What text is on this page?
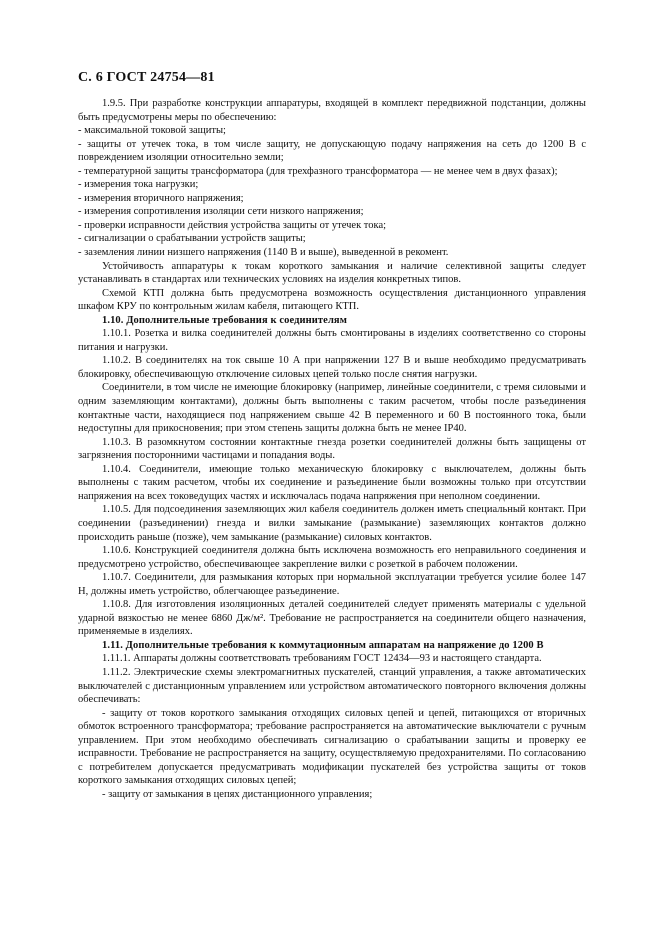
С. 6 ГОСТ 24754—81

1.9.5. При разработке конструкции аппаратуры, входящей в комплект передвижной подстанции, должны быть предусмотрены меры по обеспечению:

- максимальной токовой защиты;

- защиты от утечек тока, в том числе защиту, не допускающую подачу напряжения на сеть до 1200 В с повреждением изоляции относительно земли;

- температурной защиты трансформатора (для трехфазного трансформатора — не менее чем в двух фазах);

- измерения тока нагрузки;

- измерения вторичного напряжения;

- измерения сопротивления изоляции сети низкого напряжения;

- проверки исправности действия устройства защиты от утечек тока;

- сигнализации о срабатывании устройств защиты;

- заземления линии низшего напряжения (1140 В и выше), выведенной в рекомент.

Устойчивость аппаратуры к токам короткого замыкания и наличие селективной защиты следует устанавливать в стандартах или технических условиях на изделия конкретных типов.

Схемой КТП должна быть предусмотрена возможность осуществления дистанционного управления шкафом КРУ по контрольным жилам кабеля, питающего КТП.

1.10. Дополнительные требования к соединителям

1.10.1. Розетка и вилка соединителей должны быть смонтированы в изделиях соответственно со стороны питания и нагрузки.

1.10.2. В соединителях на ток свыше 10 А при напряжении 127 В и выше необходимо предусматривать блокировку, обеспечивающую отключение силовых цепей только после снятия нагрузки.

Соединители, в том числе не имеющие блокировку (например, линейные соединители, с тремя силовыми и одним заземляющим контактами), должны быть выполнены с таким расчетом, чтобы после разъединения контактные части, находящиеся под напряжением свыше 42 В переменного и 60 В постоянного тока, были недоступны для прикосновения; при этом степень защиты должна быть не менее IP40.

1.10.3. В разомкнутом состоянии контактные гнезда розетки соединителей должны быть защищены от загрязнения посторонними частицами и попадания воды.

1.10.4. Соединители, имеющие только механическую блокировку с выключателем, должны быть выполнены с таким расчетом, чтобы их соединение и разъединение были возможны только при отсутствии напряжения на всех токоведущих частях и исключалась подача напряжения при неполном соединении.

1.10.5. Для подсоединения заземляющих жил кабеля соединитель должен иметь специальный контакт. При соединении (разъединении) гнезда и вилки замыкание (размыкание) заземляющих контактов должно происходить раньше (позже), чем замыкание (размыкание) силовых контактов.

1.10.6. Конструкцией соединителя должна быть исключена возможность его неправильного соединения и предусмотрено устройство, обеспечивающее закрепление вилки с розеткой в рабочем положении.

1.10.7. Соединители, для размыкания которых при нормальной эксплуатации требуется усилие более 147 Н, должны иметь устройство, облегчающее разъединение.

1.10.8. Для изготовления изоляционных деталей соединителей следует применять материалы с удельной ударной вязкостью не менее 6860 Дж/м². Требование не распространяется на соединители общего назначения, применяемые в изделиях.

1.11. Дополнительные требования к коммутационным аппаратам на напряжение до 1200 В

1.11.1. Аппараты должны соответствовать требованиям ГОСТ 12434—93 и настоящего стандарта.

1.11.2. Электрические схемы электромагнитных пускателей, станций управления, а также автоматических выключателей с дистанционным управлением или устройством автоматического повторного включения должны обеспечивать:

- защиту от токов короткого замыкания отходящих силовых цепей и цепей, питающихся от вторичных обмоток встроенного трансформатора; требование распространяется на автоматические выключатели с ручным управлением. При этом необходимо обеспечивать сигнализацию о срабатывании защиты и проверку ее исправности. Требование не распространяется на защиту, осуществляемую предохранителями. По согласованию с потребителем допускается предусматривать модификации пускателей без устройства защиты от токов короткого замыкания отходящих силовых цепей;

- защиту от замыкания в цепях дистанционного управления;
